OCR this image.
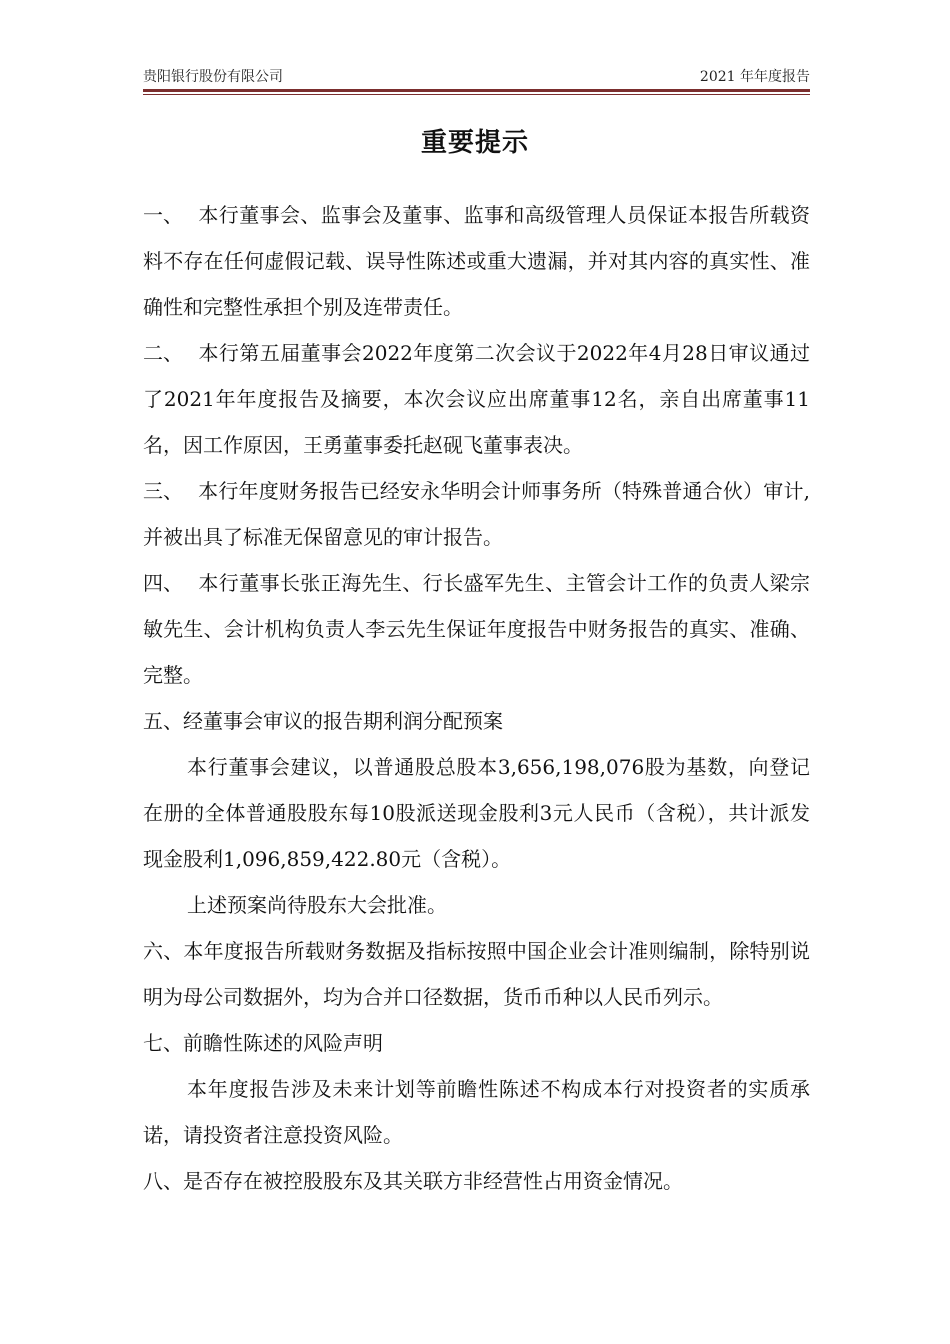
贵阳银行股份有限公司	2021 年年度报告
重要提示

一、 本行董事会、监事会及董事、监事和高级管理人员保证本报告所载资料不存在任何虚假记载、误导性陈述或重大遗漏，并对其内容的真实性、准确性和完整性承担个别及连带责任。

二、 本行第五届董事会2022年度第二次会议于2022年4月28日审议通过了2021年年度报告及摘要，本次会议应出席董事12名，亲自出席董事11名，因工作原因，王勇董事委托赵砚飞董事表决。

三、 本行年度财务报告已经安永华明会计师事务所（特殊普通合伙）审计,并被出具了标准无保留意见的审计报告。

四、 本行董事长张正海先生、行长盛军先生、主管会计工作的负责人梁宗敏先生、会计机构负责人李云先生保证年度报告中财务报告的真实、准确、完整。

五、经董事会审议的报告期利润分配预案

本行董事会建议，以普通股总股本3,656,198,076股为基数，向登记在册的全体普通股股东每10股派送现金股利3元人民币（含税），共计派发现金股利1,096,859,422.80元（含税）。

上述预案尚待股东大会批准。

六、本年度报告所载财务数据及指标按照中国企业会计准则编制，除特别说明为母公司数据外，均为合并口径数据，货币币种以人民币列示。

七、前瞻性陈述的风险声明

本年度报告涉及未来计划等前瞻性陈述不构成本行对投资者的实质承诺，请投资者注意投资风险。

八、是否存在被控股股东及其关联方非经营性占用资金情况。
